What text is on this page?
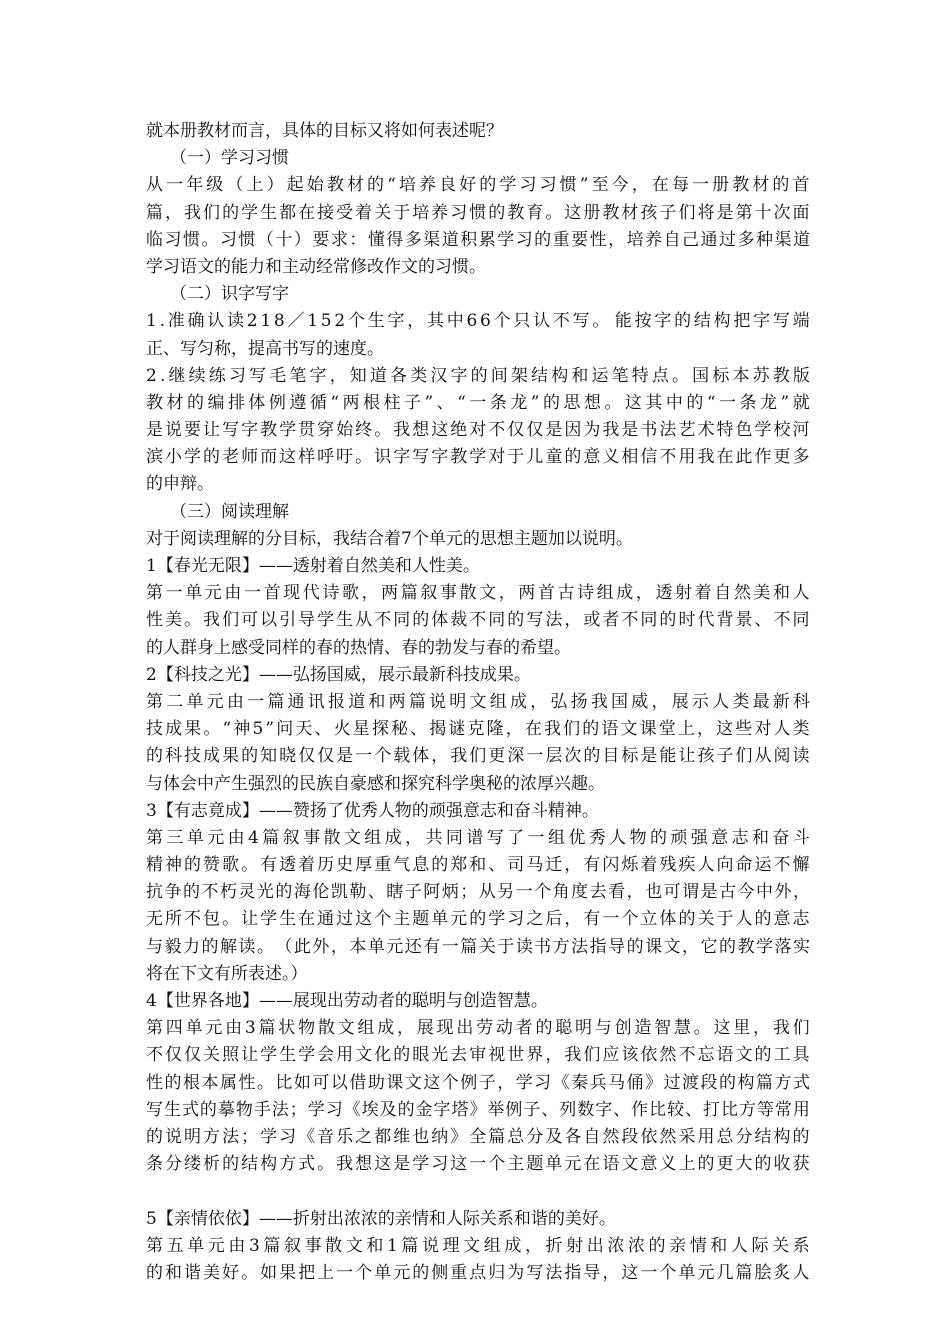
就本册教材而言，具体的目标又将如何表述呢？
（一）学习习惯
从 一 年 级 （ 上 ） 起 始 教 材 的 “ 培 养 良 好 的 学 习 习 惯 ” 至 今 ， 在 每 一 册 教 材 的 首
篇 ， 我 们 的 学 生 都 在 接 受 着 关 于 培 养 习 惯 的 教 育 。 这 册 教 材 孩 子 们 将 是 第 十 次 面
临 习 惯 。 习 惯 （ 十 ） 要 求 ： 懂 得 多 渠 道 积 累 学 习 的 重 要 性 ， 培 养 自 己 通 过 多 种 渠 道
学习语文的能力和主动经常修改作文的习惯。
（二）识字写字
1 . 准 确 认 读 2 1 8 ／ 1 5 2 个 生 字 ， 其 中 6 6 个 只 认 不 写 。 能 按 字 的 结 构 把 字 写 端
正、写匀称，提高书写的速度。
2 . 继 续 练 习 写 毛 笔 字 ， 知 道 各 类 汉 字 的 间 架 结 构 和 运 笔 特 点 。 国 标 本 苏 教 版
教 材 的 编 排 体 例 遵 循 “ 两 根 柱 子 ” 、 “ 一 条 龙 ” 的 思 想 。 这 其 中 的 “ 一 条 龙 ” 就
是 说 要 让 写 字 教 学 贯 穿 始 终 。 我 想 这 绝 对 不 仅 仅 是 因 为 我 是 书 法 艺 术 特 色 学 校 河
滨 小 学 的 老 师 而 这 样 呼 吁 。 识 字 写 字 教 学 对 于 儿 童 的 意 义 相 信 不 用 我 在 此 作 更 多
的申辩。
（三）阅读理解
对于阅读理解的分目标，我结合着7个单元的思想主题加以说明。
1【春光无限】——透射着自然美和人性美。
第 一 单 元 由 一 首 现 代 诗 歌 ， 两 篇 叙 事 散 文 ， 两 首 古 诗 组 成 ， 透 射 着 自 然 美 和 人
性 美 。 我 们 可 以 引 导 学 生 从 不 同 的 体 裁 不 同 的 写 法 ， 或 者 不 同 的 时 代 背 景 、 不 同
的人群身上感受同样的春的热情、春的勃发与春的希望。
2【科技之光】——弘扬国威，展示最新科技成果。
第 二 单 元 由 一 篇 通 讯 报 道 和 两 篇 说 明 文 组 成 ， 弘 扬 我 国 威 ， 展 示 人 类 最 新 科
技 成 果 。 “ 神 5 ” 问 天 、 火 星 探 秘 、 揭 谜 克 隆 ， 在 我 们 的 语 文 课 堂 上 ， 这 些 对 人 类
的 科 技 成 果 的 知 晓 仅 仅 是 一 个 载 体 ， 我 们 更 深 一 层 次 的 目 标 是 能 让 孩 子 们 从 阅 读
与体会中产生强烈的民族自豪感和探究科学奥秘的浓厚兴趣。
3【有志竟成】——赞扬了优秀人物的顽强意志和奋斗精神。
第 三 单 元 由 4 篇 叙 事 散 文 组 成 ， 共 同 谱 写 了 一 组 优 秀 人 物 的 顽 强 意 志 和 奋 斗
精 神 的 赞 歌 。 有 透 着 历 史 厚 重 气 息 的 郑 和 、 司 马 迁 ， 有 闪 烁 着 残 疾 人 向 命 运 不 懈
抗 争 的 不 朽 灵 光 的 海 伦 凯 勒 、 瞎 子 阿 炳 ； 从 另 一 个 角 度 去 看 ， 也 可 谓 是 古 今 中 外 ，
无 所 不 包 。 让 学 生 在 通 过 这 个 主 题 单 元 的 学 习 之 后 ， 有 一 个 立 体 的 关 于 人 的 意 志
与 毅 力 的 解 读 。 （ 此 外 ， 本 单 元 还 有 一 篇 关 于 读 书 方 法 指 导 的 课 文 ， 它 的 教 学 落 实
将在下文有所表述。）
4【世界各地】——展现出劳动者的聪明与创造智慧。
第 四 单 元 由 3 篇 状 物 散 文 组 成 ， 展 现 出 劳 动 者 的 聪 明 与 创 造 智 慧 。 这 里 ， 我 们
不 仅 仅 关 照 让 学 生 学 会 用 文 化 的 眼 光 去 审 视 世 界 ， 我 们 应 该 依 然 不 忘 语 文 的 工 具
性 的 根 本 属 性 。 比 如 可 以 借 助 课 文 这 个 例 子 ， 学 习 《 秦 兵 马 俑 》 过 渡 段 的 构 篇 方 式
写 生 式 的 摹 物 手 法 ； 学 习 《 埃 及 的 金 字 塔 》 举 例 子 、 列 数 字 、 作 比 较 、 打 比 方 等 常 用
的 说 明 方 法 ； 学 习 《 音 乐 之 都 维 也 纳 》 全 篇 总 分 及 各 自 然 段 依 然 采 用 总 分 结 构 的
条 分 缕 析 的 结 构 方 式 。 我 想 这 是 学 习 这 一 个 主 题 单 元 在 语 文 意 义 上 的 更 大 的 收 获
5【亲情依依】——折射出浓浓的亲情和人际关系和谐的美好。
第 五 单 元 由 3 篇 叙 事 散 文 和 1 篇 说 理 文 组 成 ， 折 射 出 浓 浓 的 亲 情 和 人 际 关 系
的 和 谐 美 好 。 如 果 把 上 一 个 单 元 的 侧 重 点 归 为 写 法 指 导 ， 这 一 个 单 元 几 篇 脍 炙 人
